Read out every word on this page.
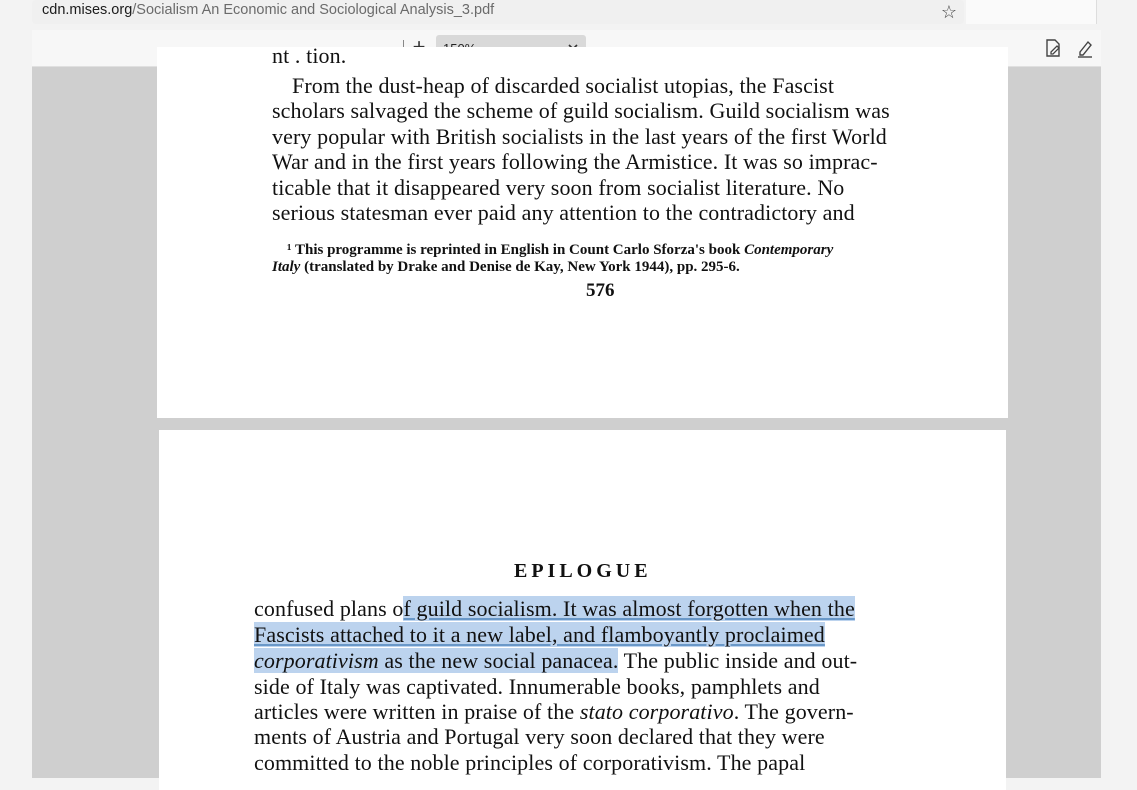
cdn.mises.org/Socialism An Economic and Sociological Analysis_3.pdf	☆
nt . tion.
From the dust-heap of discarded socialist utopias, the Fascist
scholars salvaged the scheme of guild socialism. Guild socialism was
very popular with British socialists in the last years of the first World
War and in the first years following the Armistice. It was so imprac-
ticable that it disappeared very soon from socialist literature. No
serious statesman ever paid any attention to the contradictory and
¹ This programme is reprinted in English in Count Carlo Sforza's book Contemporary
Italy (translated by Drake and Denise de Kay, New York 1944), pp. 295-6.
576
EPILOGUE
confused plans of guild socialism. It was almost forgotten when the
Fascists attached to it a new label, and flamboyantly proclaimed
corporativism as the new social panacea. The public inside and out-
side of Italy was captivated. Innumerable books, pamphlets and
articles were written in praise of the stato corporativo. The govern-
ments of Austria and Portugal very soon declared that they were
committed to the noble principles of corporativism. The papal
